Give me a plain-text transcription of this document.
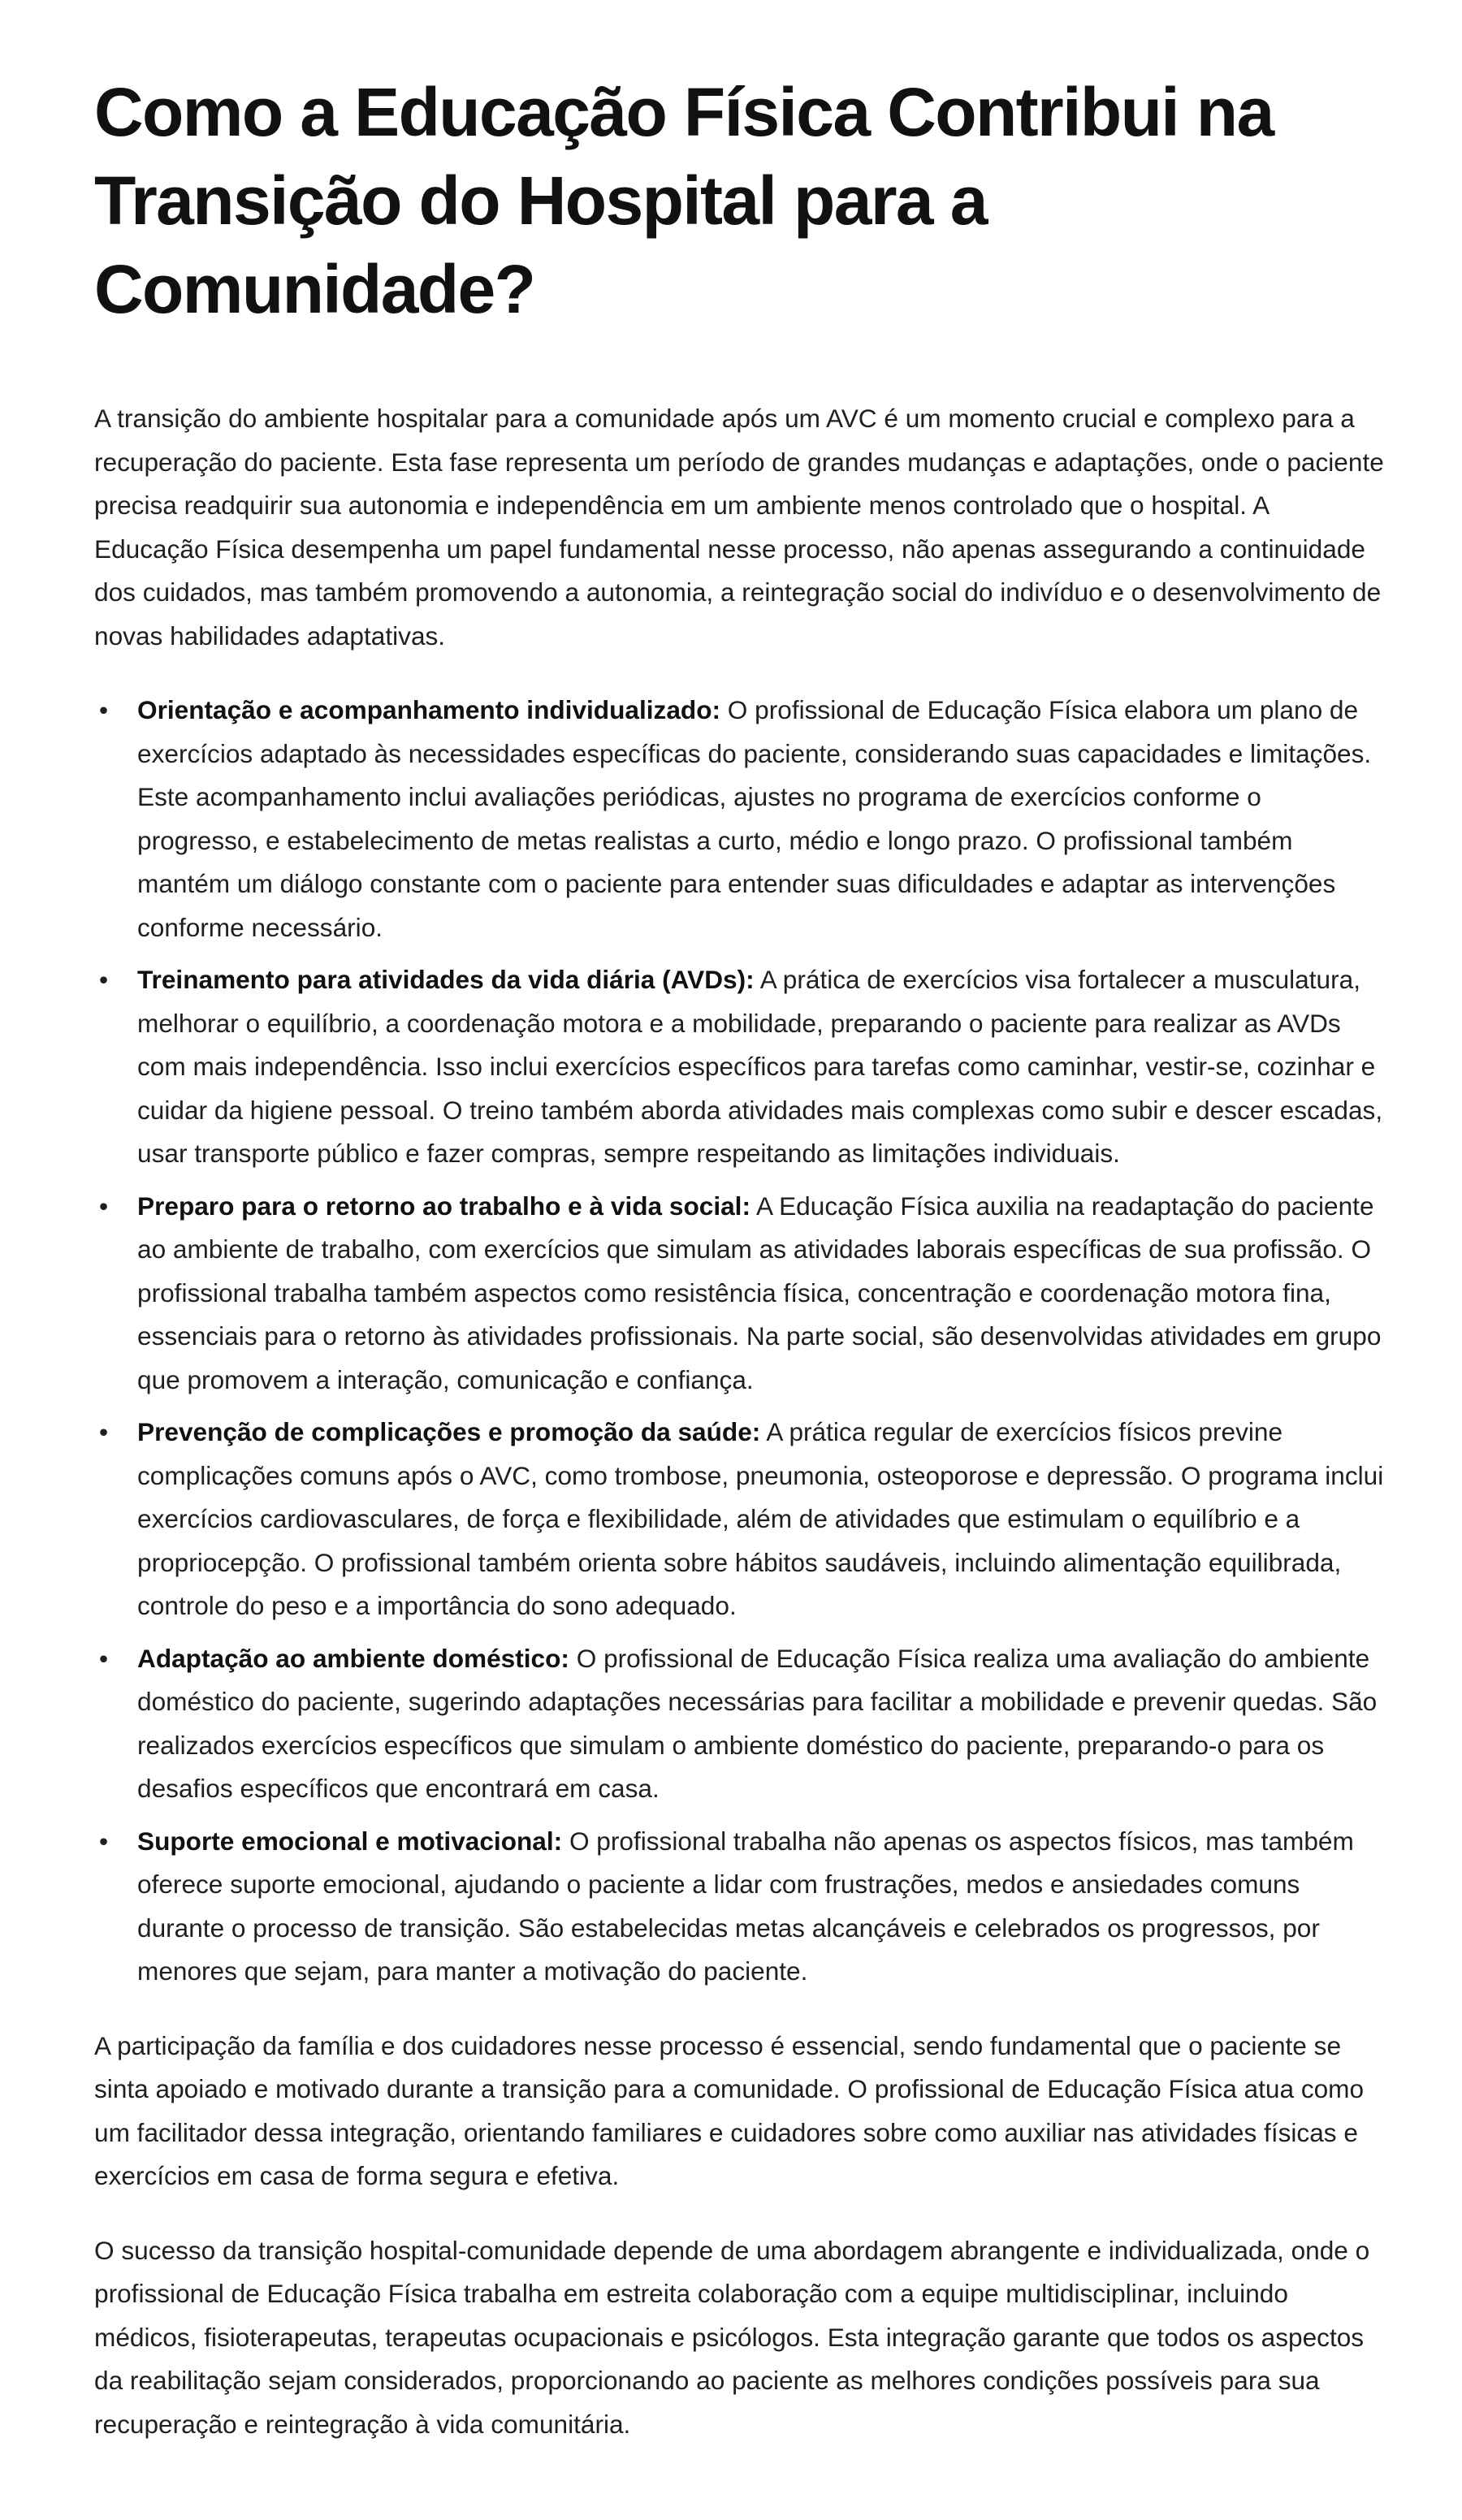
Como a Educação Física Contribui na Transição do Hospital para a Comunidade?

A transição do ambiente hospitalar para a comunidade após um AVC é um momento crucial e complexo para a recuperação do paciente. Esta fase representa um período de grandes mudanças e adaptações, onde o paciente precisa readquirir sua autonomia e independência em um ambiente menos controlado que o hospital. A Educação Física desempenha um papel fundamental nesse processo, não apenas assegurando a continuidade dos cuidados, mas também promovendo a autonomia, a reintegração social do indivíduo e o desenvolvimento de novas habilidades adaptativas.

• Orientação e acompanhamento individualizado: O profissional de Educação Física elabora um plano de exercícios adaptado às necessidades específicas do paciente, considerando suas capacidades e limitações. Este acompanhamento inclui avaliações periódicas, ajustes no programa de exercícios conforme o progresso, e estabelecimento de metas realistas a curto, médio e longo prazo. O profissional também mantém um diálogo constante com o paciente para entender suas dificuldades e adaptar as intervenções conforme necessário.
• Treinamento para atividades da vida diária (AVDs): A prática de exercícios visa fortalecer a musculatura, melhorar o equilíbrio, a coordenação motora e a mobilidade, preparando o paciente para realizar as AVDs com mais independência. Isso inclui exercícios específicos para tarefas como caminhar, vestir-se, cozinhar e cuidar da higiene pessoal. O treino também aborda atividades mais complexas como subir e descer escadas, usar transporte público e fazer compras, sempre respeitando as limitações individuais.
• Preparo para o retorno ao trabalho e à vida social: A Educação Física auxilia na readaptação do paciente ao ambiente de trabalho, com exercícios que simulam as atividades laborais específicas de sua profissão. O profissional trabalha também aspectos como resistência física, concentração e coordenação motora fina, essenciais para o retorno às atividades profissionais. Na parte social, são desenvolvidas atividades em grupo que promovem a interação, comunicação e confiança.
• Prevenção de complicações e promoção da saúde: A prática regular de exercícios físicos previne complicações comuns após o AVC, como trombose, pneumonia, osteoporose e depressão. O programa inclui exercícios cardiovasculares, de força e flexibilidade, além de atividades que estimulam o equilíbrio e a propriocepção. O profissional também orienta sobre hábitos saudáveis, incluindo alimentação equilibrada, controle do peso e a importância do sono adequado.
• Adaptação ao ambiente doméstico: O profissional de Educação Física realiza uma avaliação do ambiente doméstico do paciente, sugerindo adaptações necessárias para facilitar a mobilidade e prevenir quedas. São realizados exercícios específicos que simulam o ambiente doméstico do paciente, preparando-o para os desafios específicos que encontrará em casa.
• Suporte emocional e motivacional: O profissional trabalha não apenas os aspectos físicos, mas também oferece suporte emocional, ajudando o paciente a lidar com frustrações, medos e ansiedades comuns durante o processo de transição. São estabelecidas metas alcançáveis e celebrados os progressos, por menores que sejam, para manter a motivação do paciente.

A participação da família e dos cuidadores nesse processo é essencial, sendo fundamental que o paciente se sinta apoiado e motivado durante a transição para a comunidade. O profissional de Educação Física atua como um facilitador dessa integração, orientando familiares e cuidadores sobre como auxiliar nas atividades físicas e exercícios em casa de forma segura e efetiva.

O sucesso da transição hospital-comunidade depende de uma abordagem abrangente e individualizada, onde o profissional de Educação Física trabalha em estreita colaboração com a equipe multidisciplinar, incluindo médicos, fisioterapeutas, terapeutas ocupacionais e psicólogos. Esta integração garante que todos os aspectos da reabilitação sejam considerados, proporcionando ao paciente as melhores condições possíveis para sua recuperação e reintegração à vida comunitária.
